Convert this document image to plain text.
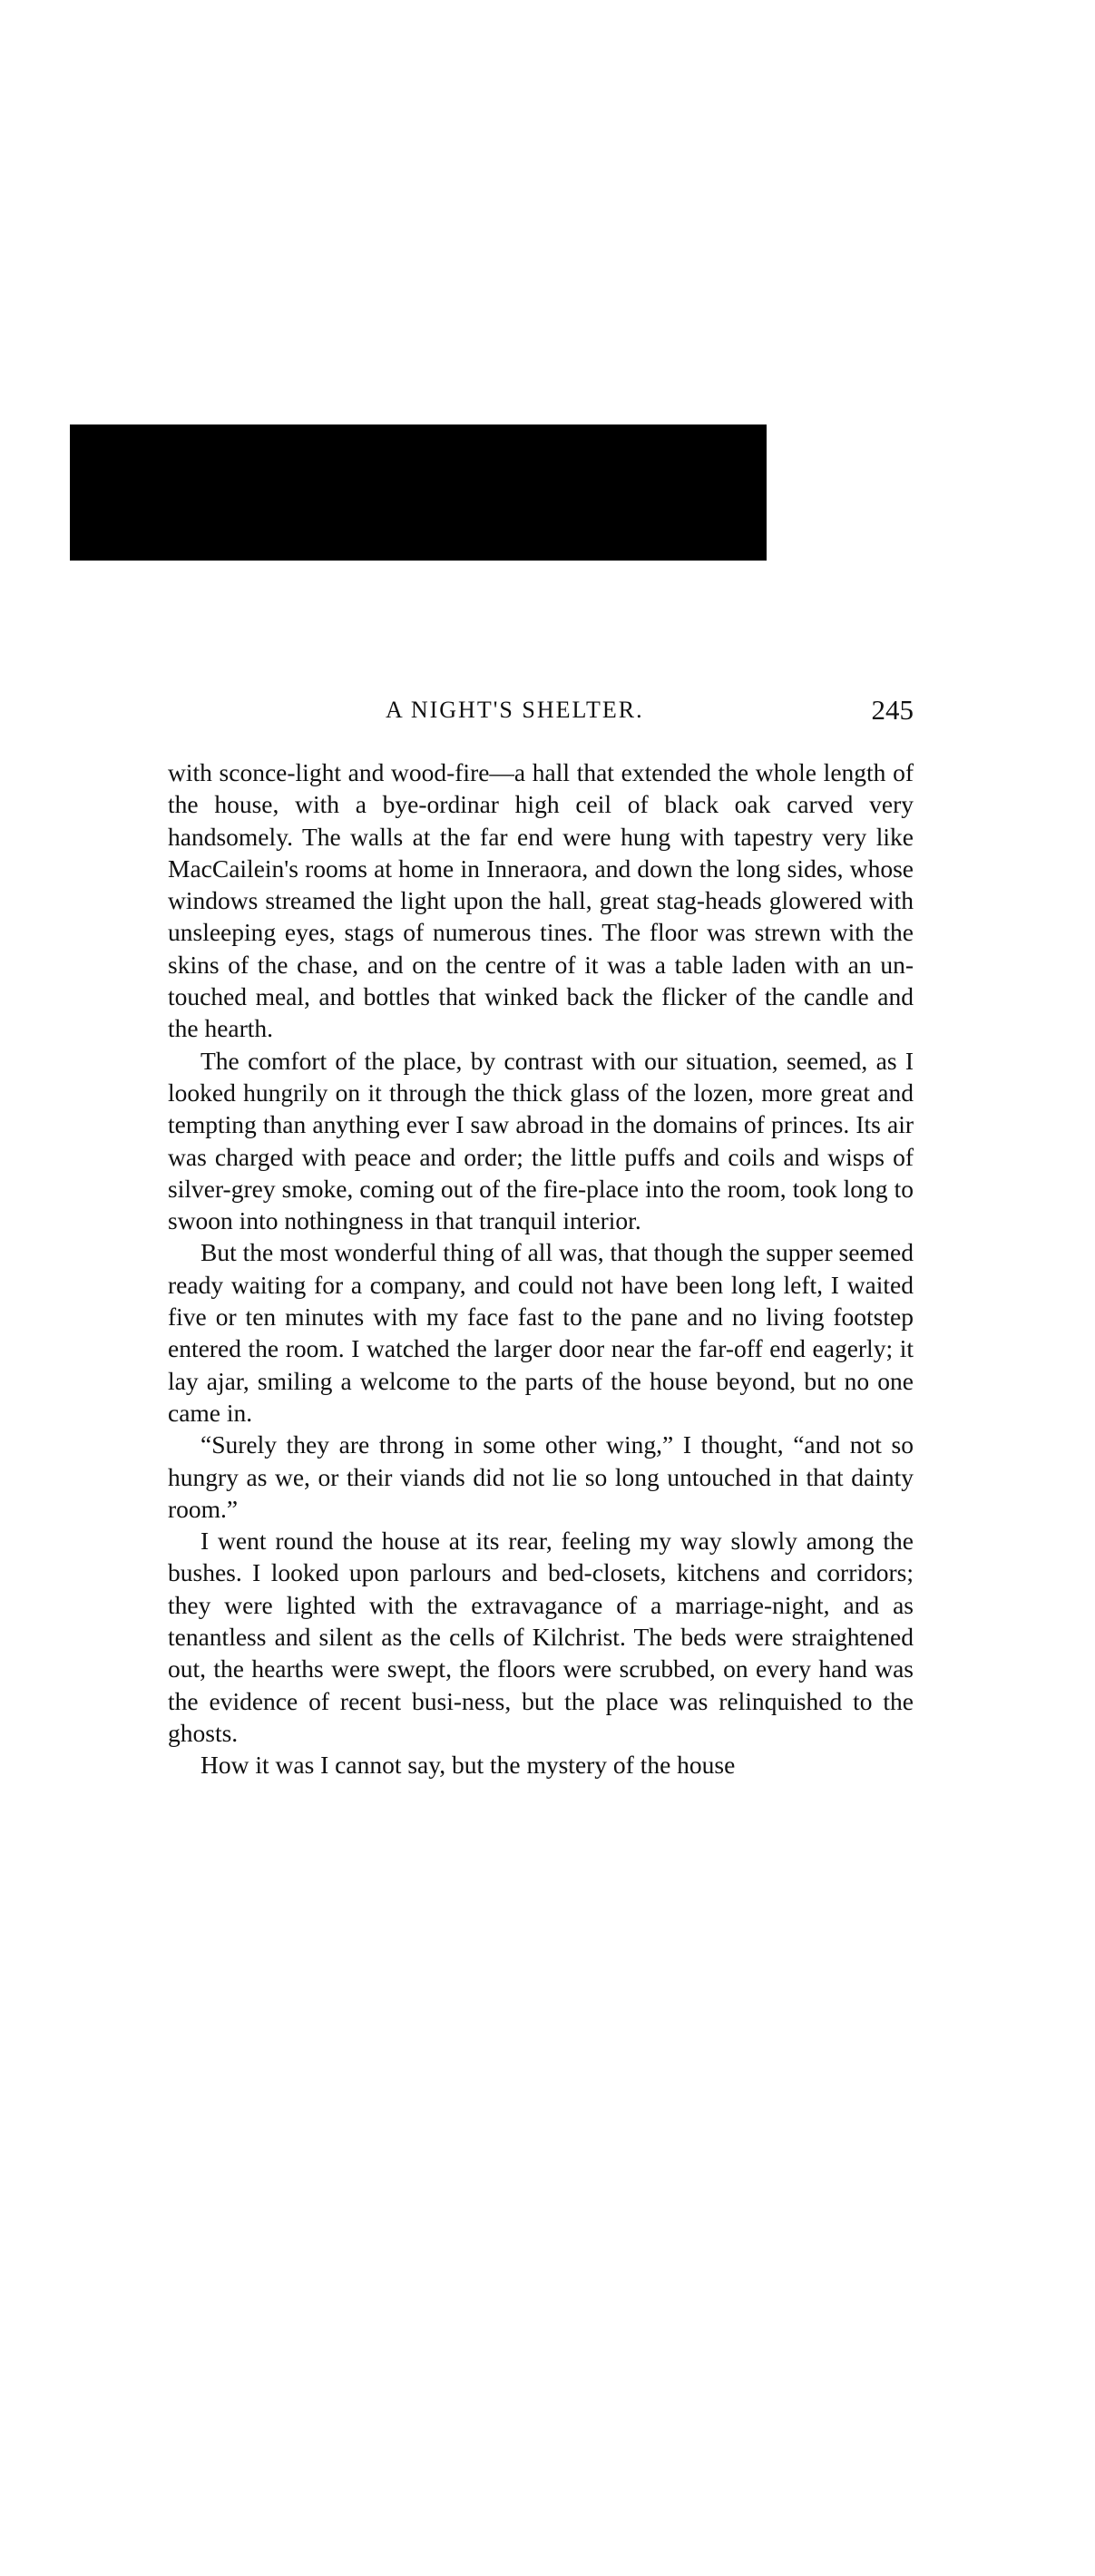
A NIGHT'S SHELTER.	245

with sconce-light and wood-fire—a hall that extended the whole length of the house, with a bye-ordinar high ceil of black oak carved very handsomely. The walls at the far end were hung with tapestry very like MacCailein's rooms at home in Inneraora, and down the long sides, whose windows streamed the light upon the hall, great stag-heads glowered with unsleeping eyes, stags of numerous tines. The floor was strewn with the skins of the chase, and on the centre of it was a table laden with an un-touched meal, and bottles that winked back the flicker of the candle and the hearth.

The comfort of the place, by contrast with our situation, seemed, as I looked hungrily on it through the thick glass of the lozen, more great and tempting than anything ever I saw abroad in the domains of princes. Its air was charged with peace and order; the little puffs and coils and wisps of silver-grey smoke, coming out of the fire-place into the room, took long to swoon into nothingness in that tranquil interior.

But the most wonderful thing of all was, that though the supper seemed ready waiting for a company, and could not have been long left, I waited five or ten minutes with my face fast to the pane and no living footstep entered the room. I watched the larger door near the far-off end eagerly; it lay ajar, smiling a welcome to the parts of the house beyond, but no one came in.

“Surely they are throng in some other wing,” I thought, “and not so hungry as we, or their viands did not lie so long untouched in that dainty room.”

I went round the house at its rear, feeling my way slowly among the bushes. I looked upon parlours and bed-closets, kitchens and corridors; they were lighted with the extravagance of a marriage-night, and as tenantless and silent as the cells of Kilchrist. The beds were straightened out, the hearths were swept, the floors were scrubbed, on every hand was the evidence of recent busi-ness, but the place was relinquished to the ghosts.

How it was I cannot say, but the mystery of the house
